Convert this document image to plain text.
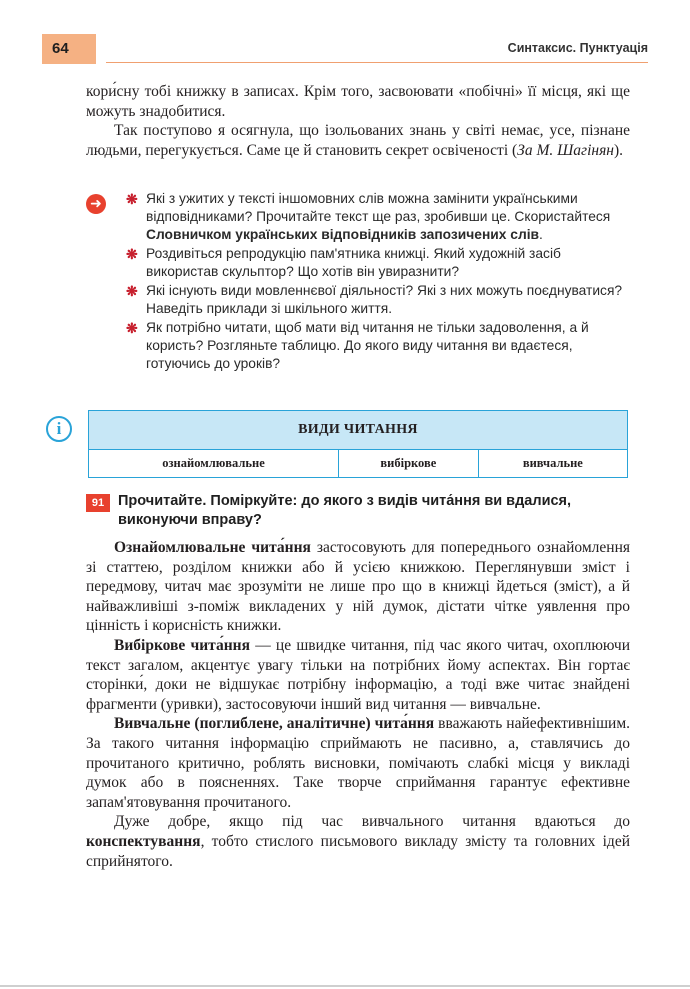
64	Синтаксис. Пунктуація

кори́сну тобі книжку в записах. Крім того, засвоювати «побічні» її місця, які ще можуть знадобитися.

Так поступово я осягнула, що ізольованих знань у світі немає, усе, пізнане людьми, перегукується. Саме це й становить секрет освіченості (За М. Шагінян).

➜ ❋ Які з ужитих у тексті іншомовних слів можна замінити українськими відповідниками? Прочитайте текст ще раз, зробивши це. Скористайтеся Словничком українських відповідників запозичених слів.
❋ Роздивіться репродукцію пам'ятника книжці. Який художній засіб використав скульптор? Що хотів він увиразнити?
❋ Які існують види мовленнєвої діяльності? Які з них можуть поєднуватися? Наведіть приклади зі шкільного життя.
❋ Як потрібно читати, щоб мати від читання не тільки задоволення, а й користь? Розгляньте таблицю. До якого виду читання ви вдаєтеся, готуючись до уроків?
i	ВИДИ ЧИТАННЯ
ознайомлювальне	вибіркове	вивчальне
91 Прочитайте. Поміркуйте: до якого з видів чита́ння ви вдалися, виконуючи вправу?

Ознайомлювальне чита́ння застосовують для попереднього ознайомлення зі статтею, розділом книжки або й усією книжкою. Переглянувши зміст і передмову, читач має зрозуміти не лише про що в книжці йдеться (зміст), а й найважливіші з-поміж викладених у ній думок, дістати чітке уявлення про цінність і корисність книжки.

Вибіркове чита́ння — це швидке читання, під час якого читач, охоплюючи текст загалом, акцентує увагу тільки на потрібних йому аспектах. Він гортає сторінки́, доки не відшукає потрібну інформацію, а тоді вже читає знайдені фрагменти (уривки), застосовуючи інший вид читання — вивчальне.

Вивчальне (поглиблене, аналітичне) чита́ння вважають найефективнішим. За такого читання інформацію сприймають не пасивно, а, ставлячись до прочитаного критично, роблять висновки, помічають слабкі місця у викладі думок або в поясненнях. Таке творче сприймання гарантує ефективне запам'ятовування прочитаного.

Дуже добре, якщо під час вивчального читання вдаються до конспектування, тобто стислого письмового викладу змісту та головних ідей сприйнятого.
